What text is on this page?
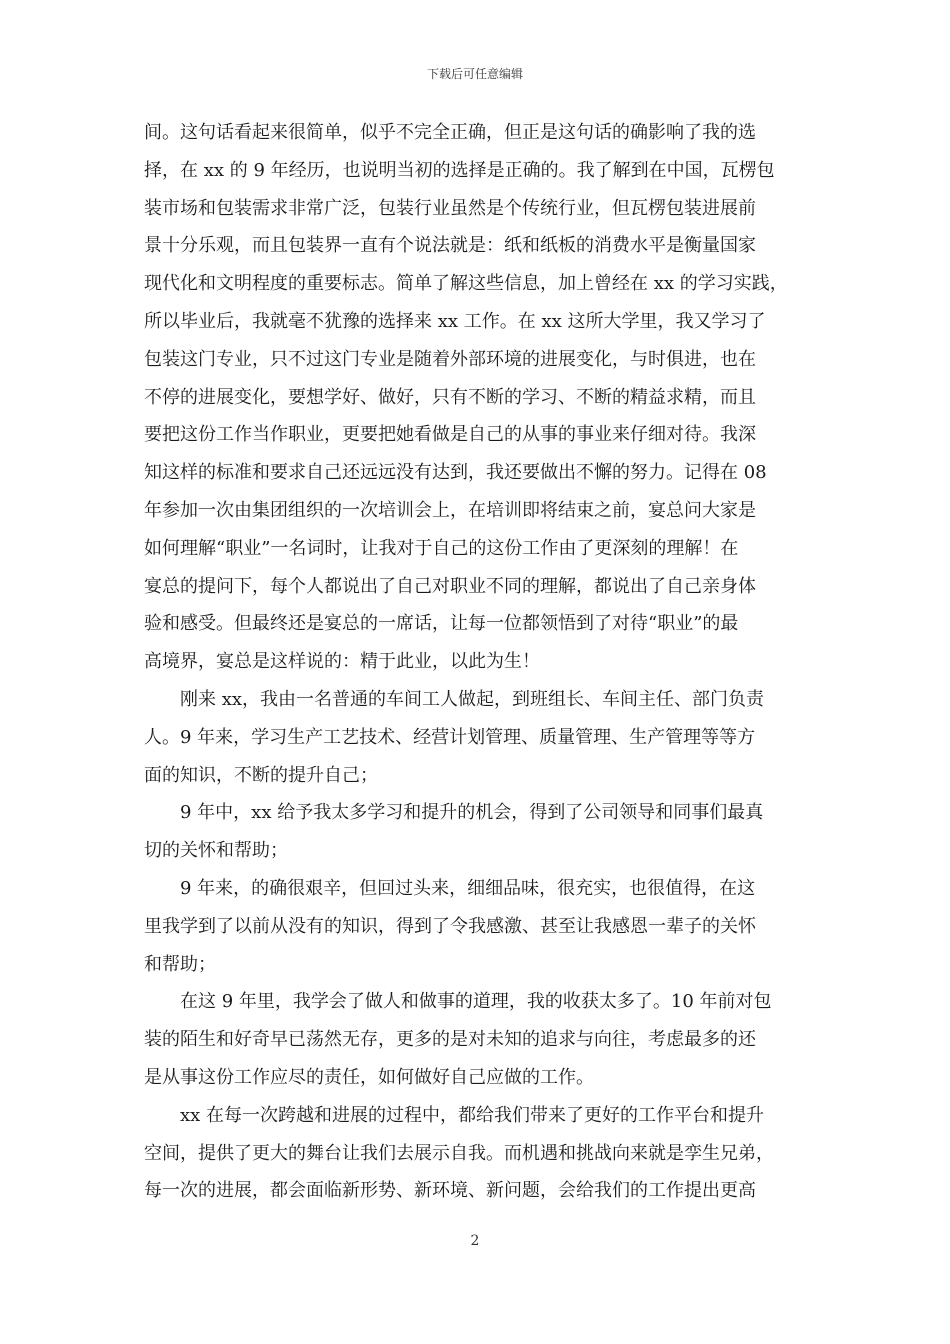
下载后可任意编辑

间。这句话看起来很简单，似乎不完全正确，但正是这句话的确影响了我的选
择，在 xx 的 9 年经历，也说明当初的选择是正确的。我了解到在中国，瓦楞包
装市场和包装需求非常广泛，包装行业虽然是个传统行业，但瓦楞包装进展前
景十分乐观，而且包装界一直有个说法就是：纸和纸板的消费水平是衡量国家
现代化和文明程度的重要标志。简单了解这些信息，加上曾经在 xx 的学习实践，
所以毕业后，我就毫不犹豫的选择来 xx 工作。在 xx 这所大学里，我又学习了
包装这门专业，只不过这门专业是随着外部环境的进展变化，与时俱进，也在
不停的进展变化，要想学好、做好，只有不断的学习、不断的精益求精，而且
要把这份工作当作职业，更要把她看做是自己的从事的事业来仔细对待。我深
知这样的标准和要求自己还远远没有达到，我还要做出不懈的努力。记得在 08
年参加一次由集团组织的一次培训会上，在培训即将结束之前，宴总问大家是
如何理解“职业”一名词时，让我对于自己的这份工作由了更深刻的理解！在
宴总的提问下，每个人都说出了自己对职业不同的理解，都说出了自己亲身体
验和感受。但最终还是宴总的一席话，让每一位都领悟到了对待“职业”的最
高境界，宴总是这样说的：精于此业，以此为生！

　　刚来 xx，我由一名普通的车间工人做起，到班组长、车间主任、部门负责
人。9 年来，学习生产工艺技术、经营计划管理、质量管理、生产管理等等方
面的知识，不断的提升自己；

　　9 年中，xx 给予我太多学习和提升的机会，得到了公司领导和同事们最真
切的关怀和帮助；

　　9 年来，的确很艰辛，但回过头来，细细品味，很充实，也很值得，在这
里我学到了以前从没有的知识，得到了令我感激、甚至让我感恩一辈子的关怀
和帮助；

　　在这 9 年里，我学会了做人和做事的道理，我的收获太多了。10 年前对包
装的陌生和好奇早已荡然无存，更多的是对未知的追求与向往，考虑最多的还
是从事这份工作应尽的责任，如何做好自己应做的工作。

　　xx 在每一次跨越和进展的过程中，都给我们带来了更好的工作平台和提升
空间，提供了更大的舞台让我们去展示自我。而机遇和挑战向来就是孪生兄弟，
每一次的进展，都会面临新形势、新环境、新问题，会给我们的工作提出更高

2
